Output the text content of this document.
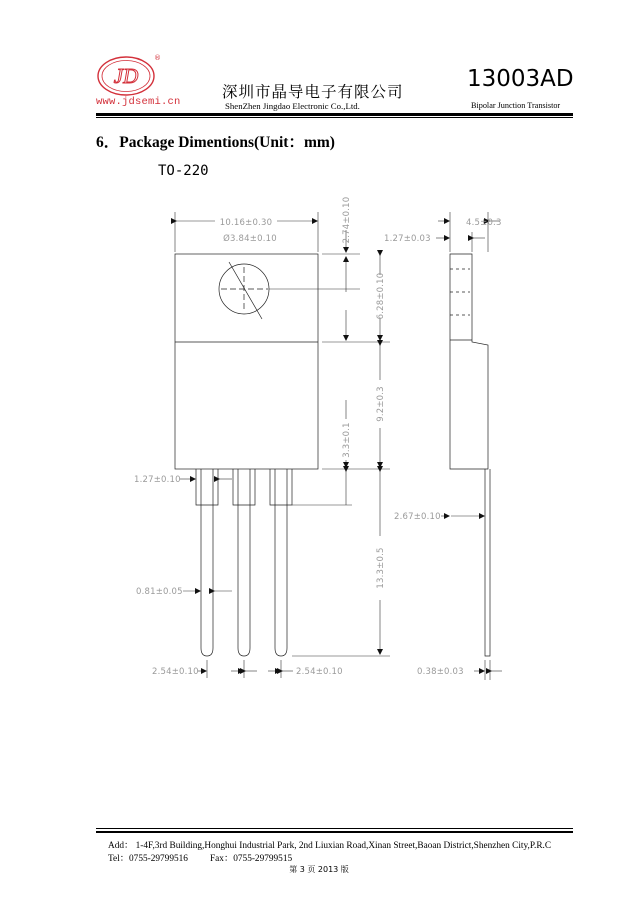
JD
®
www.jdsemi.cn
深圳市晶导电子有限公司
ShenZhen Jingdao Electronic Co.,Ltd.
13003AD
Bipolar Junction Transistor
6．Package Dimentions(Unit：mm)
TO-220
10.16±0.30
Ø3.84±0.10	2.74±0.10
6.28±0.10
9.2±0.3
3.3±0.1
13.3±0.5
1.27±0.10
0.81±0.05
2.54±0.10	2.54±0.10
4.5±0.3
1.27±0.03
2.67±0.10
0.38±0.03
Add： 1-4F,3rd Building,Honghui Industrial Park, 2nd Liuxian Road,Xinan Street,Baoan District,Shenzhen City,P.R.C
Tel：0755-29799516 Fax：0755-29799515
第 3 页 2013 版
